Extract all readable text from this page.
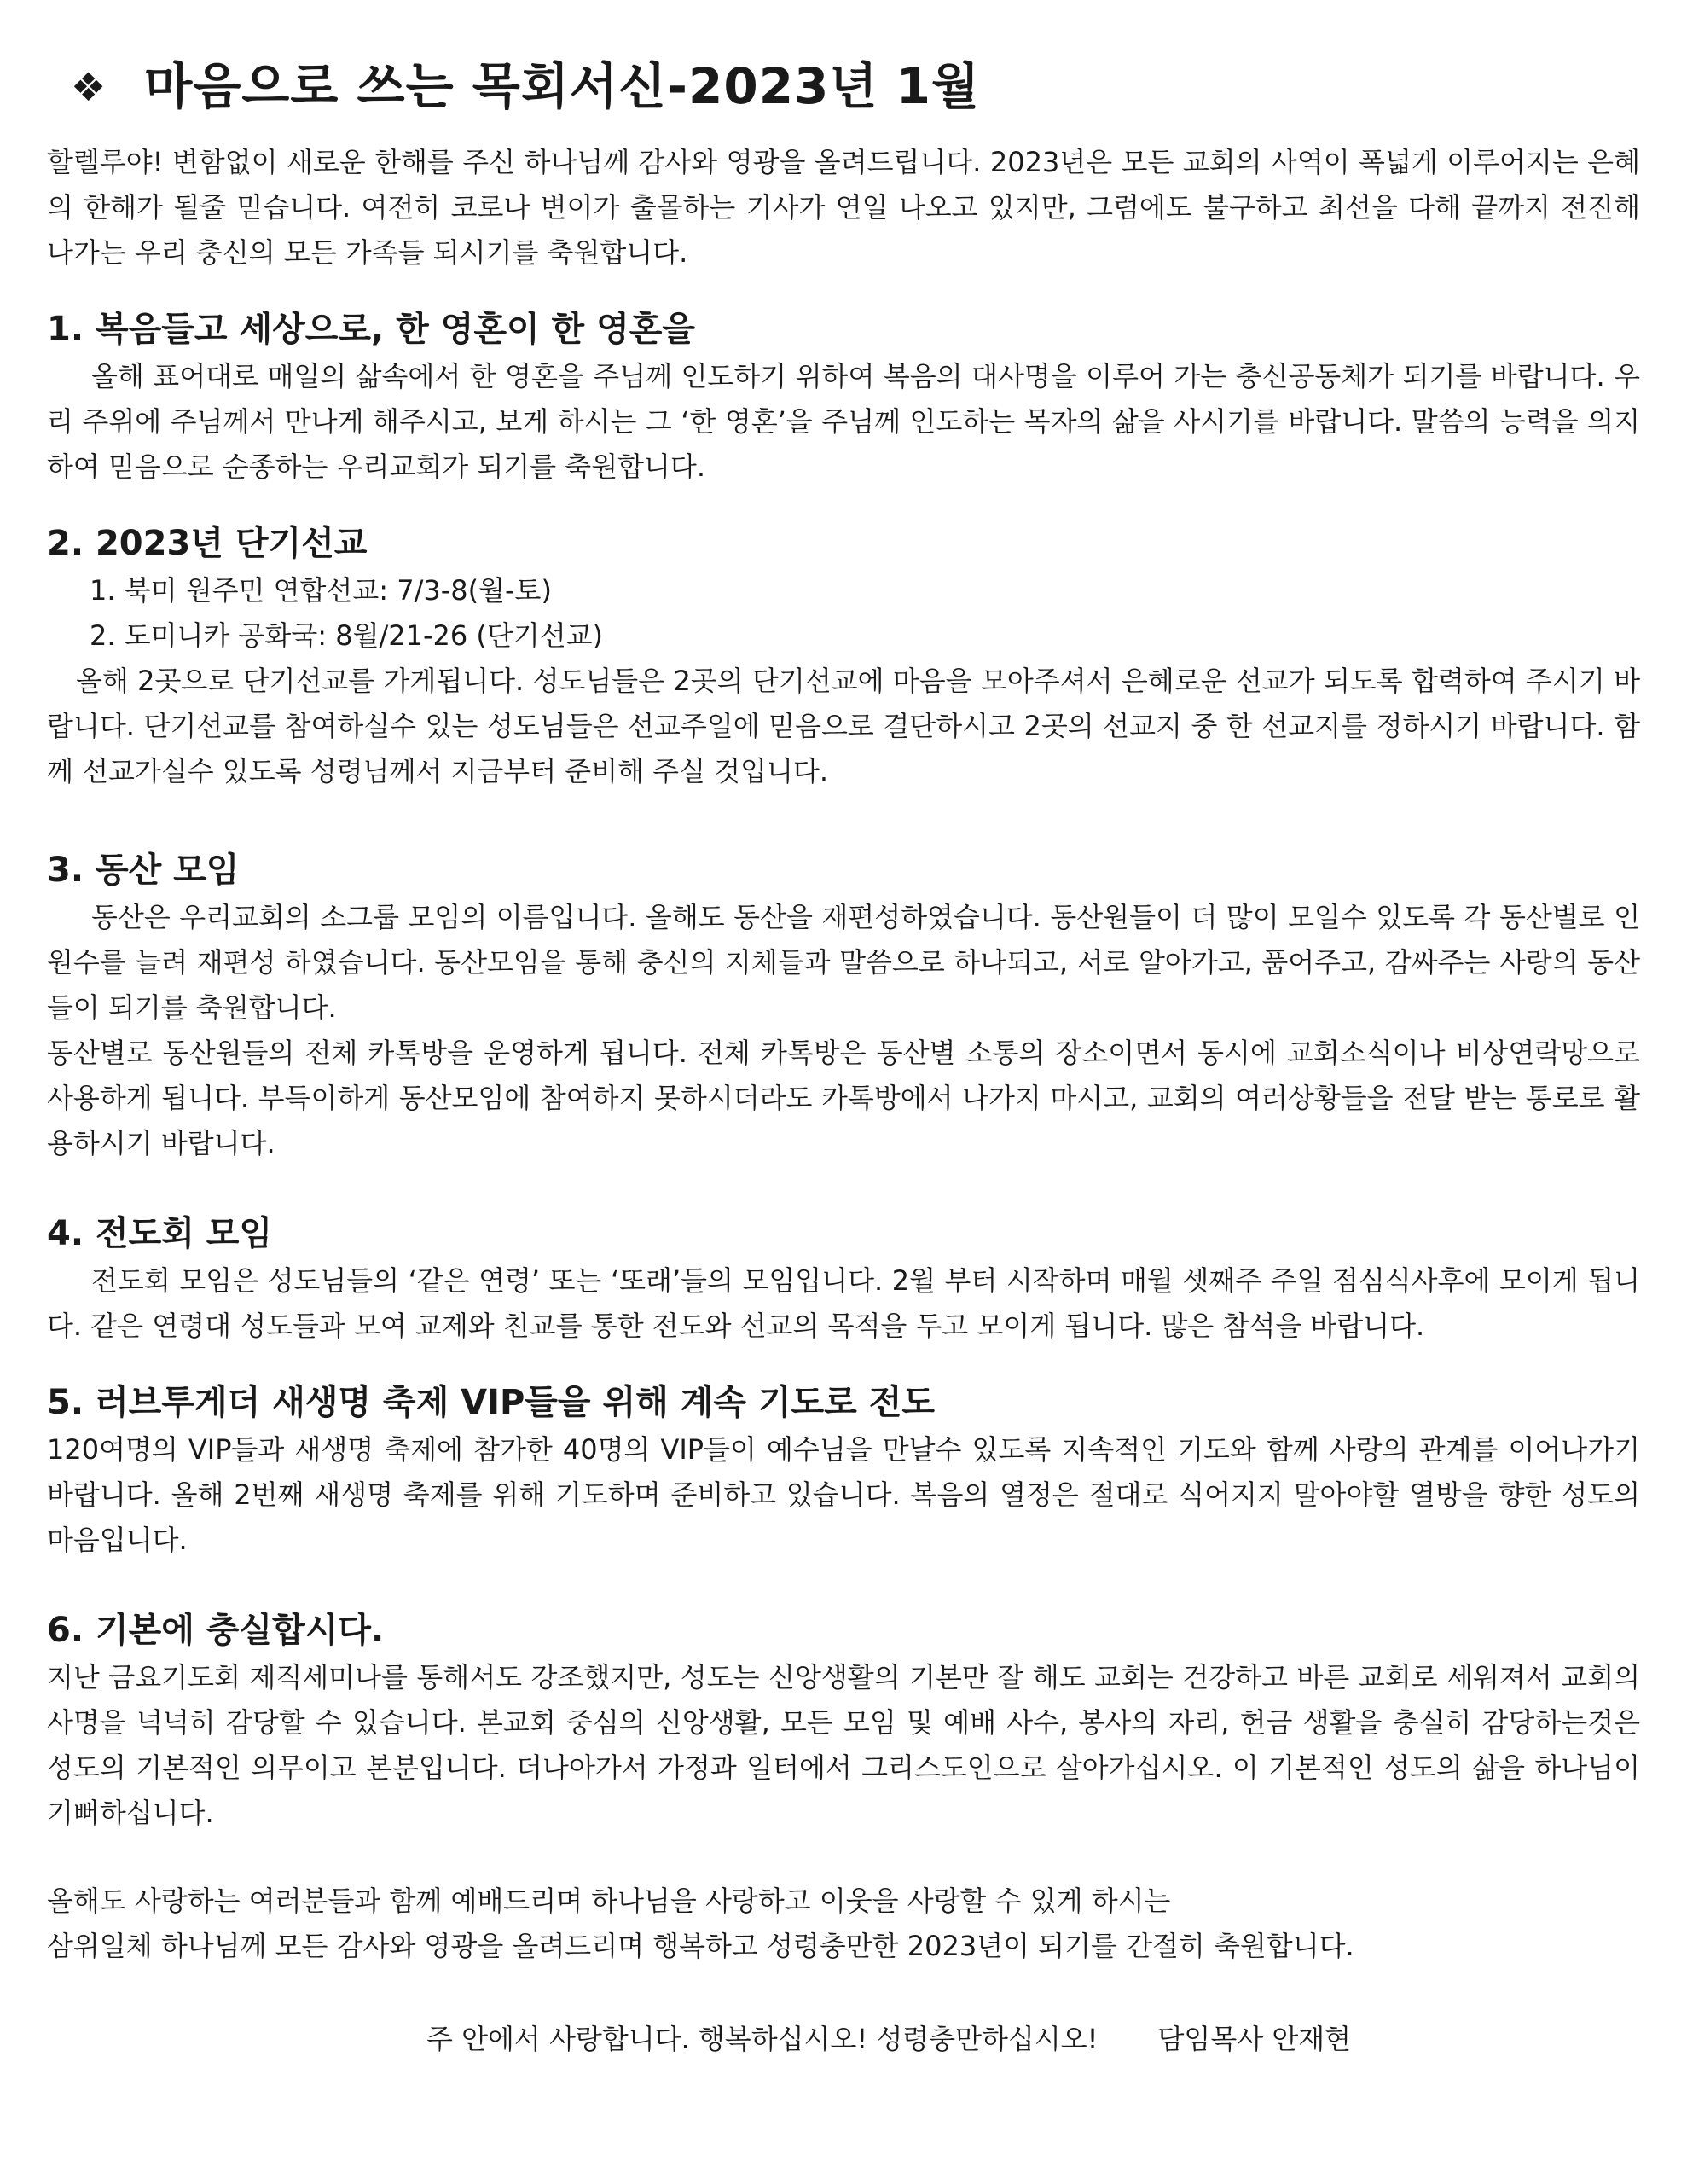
❖ 마음으로 쓰는 목회서신-2023년 1월

할렐루야! 변함없이 새로운 한해를 주신 하나님께 감사와 영광을 올려드립니다. 2023년은 모든 교회의 사역이 폭넓게 이루어지는 은혜의 한해가 될줄 믿습니다. 여전히 코로나 변이가 출몰하는 기사가 연일 나오고 있지만, 그럼에도 불구하고 최선을 다해 끝까지 전진해 나가는 우리 충신의 모든 가족들 되시기를 축원합니다.

1. 복음들고 세상으로, 한 영혼이 한 영혼을

올해 표어대로 매일의 삶속에서 한 영혼을 주님께 인도하기 위하여 복음의 대사명을 이루어 가는 충신공동체가 되기를 바랍니다. 우리 주위에 주님께서 만나게 해주시고, 보게 하시는 그 ‘한 영혼’을 주님께 인도하는 목자의 삶을 사시기를 바랍니다. 말씀의 능력을 의지하여 믿음으로 순종하는 우리교회가 되기를 축원합니다.

2. 2023년 단기선교
1. 북미 원주민 연합선교: 7/3-8(월-토)
2. 도미니카 공화국: 8월/21-26 (단기선교)

올해 2곳으로 단기선교를 가게됩니다. 성도님들은 2곳의 단기선교에 마음을 모아주셔서 은혜로운 선교가 되도록 합력하여 주시기 바랍니다. 단기선교를 참여하실수 있는 성도님들은 선교주일에 믿음으로 결단하시고 2곳의 선교지 중 한 선교지를 정하시기 바랍니다. 함께 선교가실수 있도록 성령님께서 지금부터 준비해 주실 것입니다.

3. 동산 모임

동산은 우리교회의 소그룹 모임의 이름입니다. 올해도 동산을 재편성하였습니다. 동산원들이 더 많이 모일수 있도록 각 동산별로 인원수를 늘려 재편성 하였습니다. 동산모임을 통해 충신의 지체들과 말씀으로 하나되고, 서로 알아가고, 품어주고, 감싸주는 사랑의 동산들이 되기를 축원합니다.

동산별로 동산원들의 전체 카톡방을 운영하게 됩니다. 전체 카톡방은 동산별 소통의 장소이면서 동시에 교회소식이나 비상연락망으로 사용하게 됩니다. 부득이하게 동산모임에 참여하지 못하시더라도 카톡방에서 나가지 마시고, 교회의 여러상황들을 전달 받는 통로로 활용하시기 바랍니다.

4. 전도회 모임

전도회 모임은 성도님들의 ‘같은 연령’ 또는 ‘또래’들의 모임입니다. 2월 부터 시작하며 매월 셋째주 주일 점심식사후에 모이게 됩니다. 같은 연령대 성도들과 모여 교제와 친교를 통한 전도와 선교의 목적을 두고 모이게 됩니다. 많은 참석을 바랍니다.

5. 러브투게더 새생명 축제 VIP들을 위해 계속 기도로 전도

120여명의 VIP들과 새생명 축제에 참가한 40명의 VIP들이 예수님을 만날수 있도록 지속적인 기도와 함께 사랑의 관계를 이어나가기 바랍니다. 올해 2번째 새생명 축제를 위해 기도하며 준비하고 있습니다. 복음의 열정은 절대로 식어지지 말아야할 열방을 향한 성도의 마음입니다.

6. 기본에 충실합시다.

지난 금요기도회 제직세미나를 통해서도 강조했지만, 성도는 신앙생활의 기본만 잘 해도 교회는 건강하고 바른 교회로 세워져서 교회의 사명을 넉넉히 감당할 수 있습니다. 본교회 중심의 신앙생활, 모든 모임 및 예배 사수, 봉사의 자리, 헌금 생활을 충실히 감당하는것은 성도의 기본적인 의무이고 본분입니다. 더나아가서 가정과 일터에서 그리스도인으로 살아가십시오. 이 기본적인 성도의 삶을 하나님이 기뻐하십니다.

올해도 사랑하는 여러분들과 함께 예배드리며 하나님을 사랑하고 이웃을 사랑할 수 있게 하시는

삼위일체 하나님께 모든 감사와 영광을 올려드리며 행복하고 성령충만한 2023년이 되기를 간절히 축원합니다.

주 안에서 사랑합니다. 행복하십시오! 성령충만하십시오! 담임목사 안재현
